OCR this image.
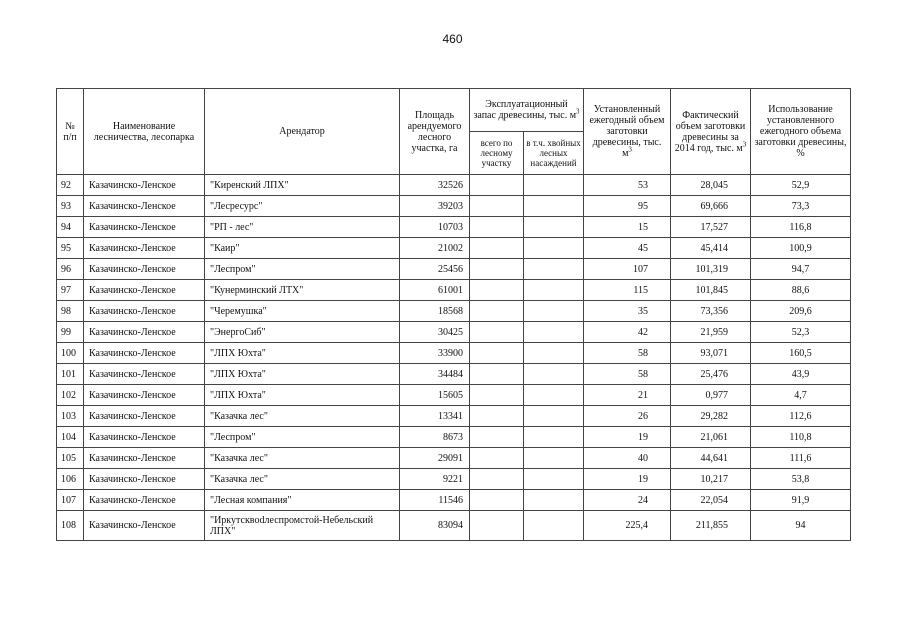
460
№ п/п	Наименование лесничества, лесопарка	Арендатор	Площадь арендуемого лесного участка, га	Эксплуатационный запас древесины, тыс. $м^3$		Установленный ежегодный объем заготовки древесины, тыс. $м^3$	Фактический объем заготовки древесины за 2014 год, тыс. $м^3$	Использование установленного ежегодного объема заготовки древесины, %
				всего по лесному участку	в т.ч. хвойных лесных насаждений			
92	Казачинско-Ленское	"Киренский ЛПХ"	32526			53	28,045	52,9
93	Казачинско-Ленское	"Лесресурс"	39203			95	69,666	73,3
94	Казачинско-Ленское	"РП - лес"	10703			15	17,527	116,8
95	Казачинско-Ленское	"Каир"	21002			45	45,414	100,9
96	Казачинско-Ленское	"Леспром"	25456			107	101,319	94,7
97	Казачинско-Ленское	"Кунерминский ЛТХ"	61001			115	101,845	88,6
98	Казачинско-Ленское	"Черемушка"	18568			35	73,356	209,6
99	Казачинско-Ленское	"ЭнергоСиб"	30425			42	21,959	52,3
100	Казачинско-Ленское	"ЛПХ Юхта"	33900			58	93,071	160,5
101	Казачинско-Ленское	"ЛПХ Юхта"	34484			58	25,476	43,9
102	Казачинско-Ленское	"ЛПХ Юхта"	15605			21	0,977	4,7
103	Казачинско-Ленское	"Казачка лес"	13341			26	29,282	112,6
104	Казачинско-Ленское	"Леспром"	8673			19	21,061	110,8
105	Казачинско-Ленское	"Казачка лес"	29091			40	44,641	111,6
106	Казачинско-Ленское	"Казачка лес"	9221			19	10,217	53,8
107	Казачинско-Ленское	"Лесная компания"	11546			24	22,054	91,9
108	Казачинско-Ленское	"Иркутсквodлеспромстой-Небельский ЛПХ"	83094			225,4	211,855	94
